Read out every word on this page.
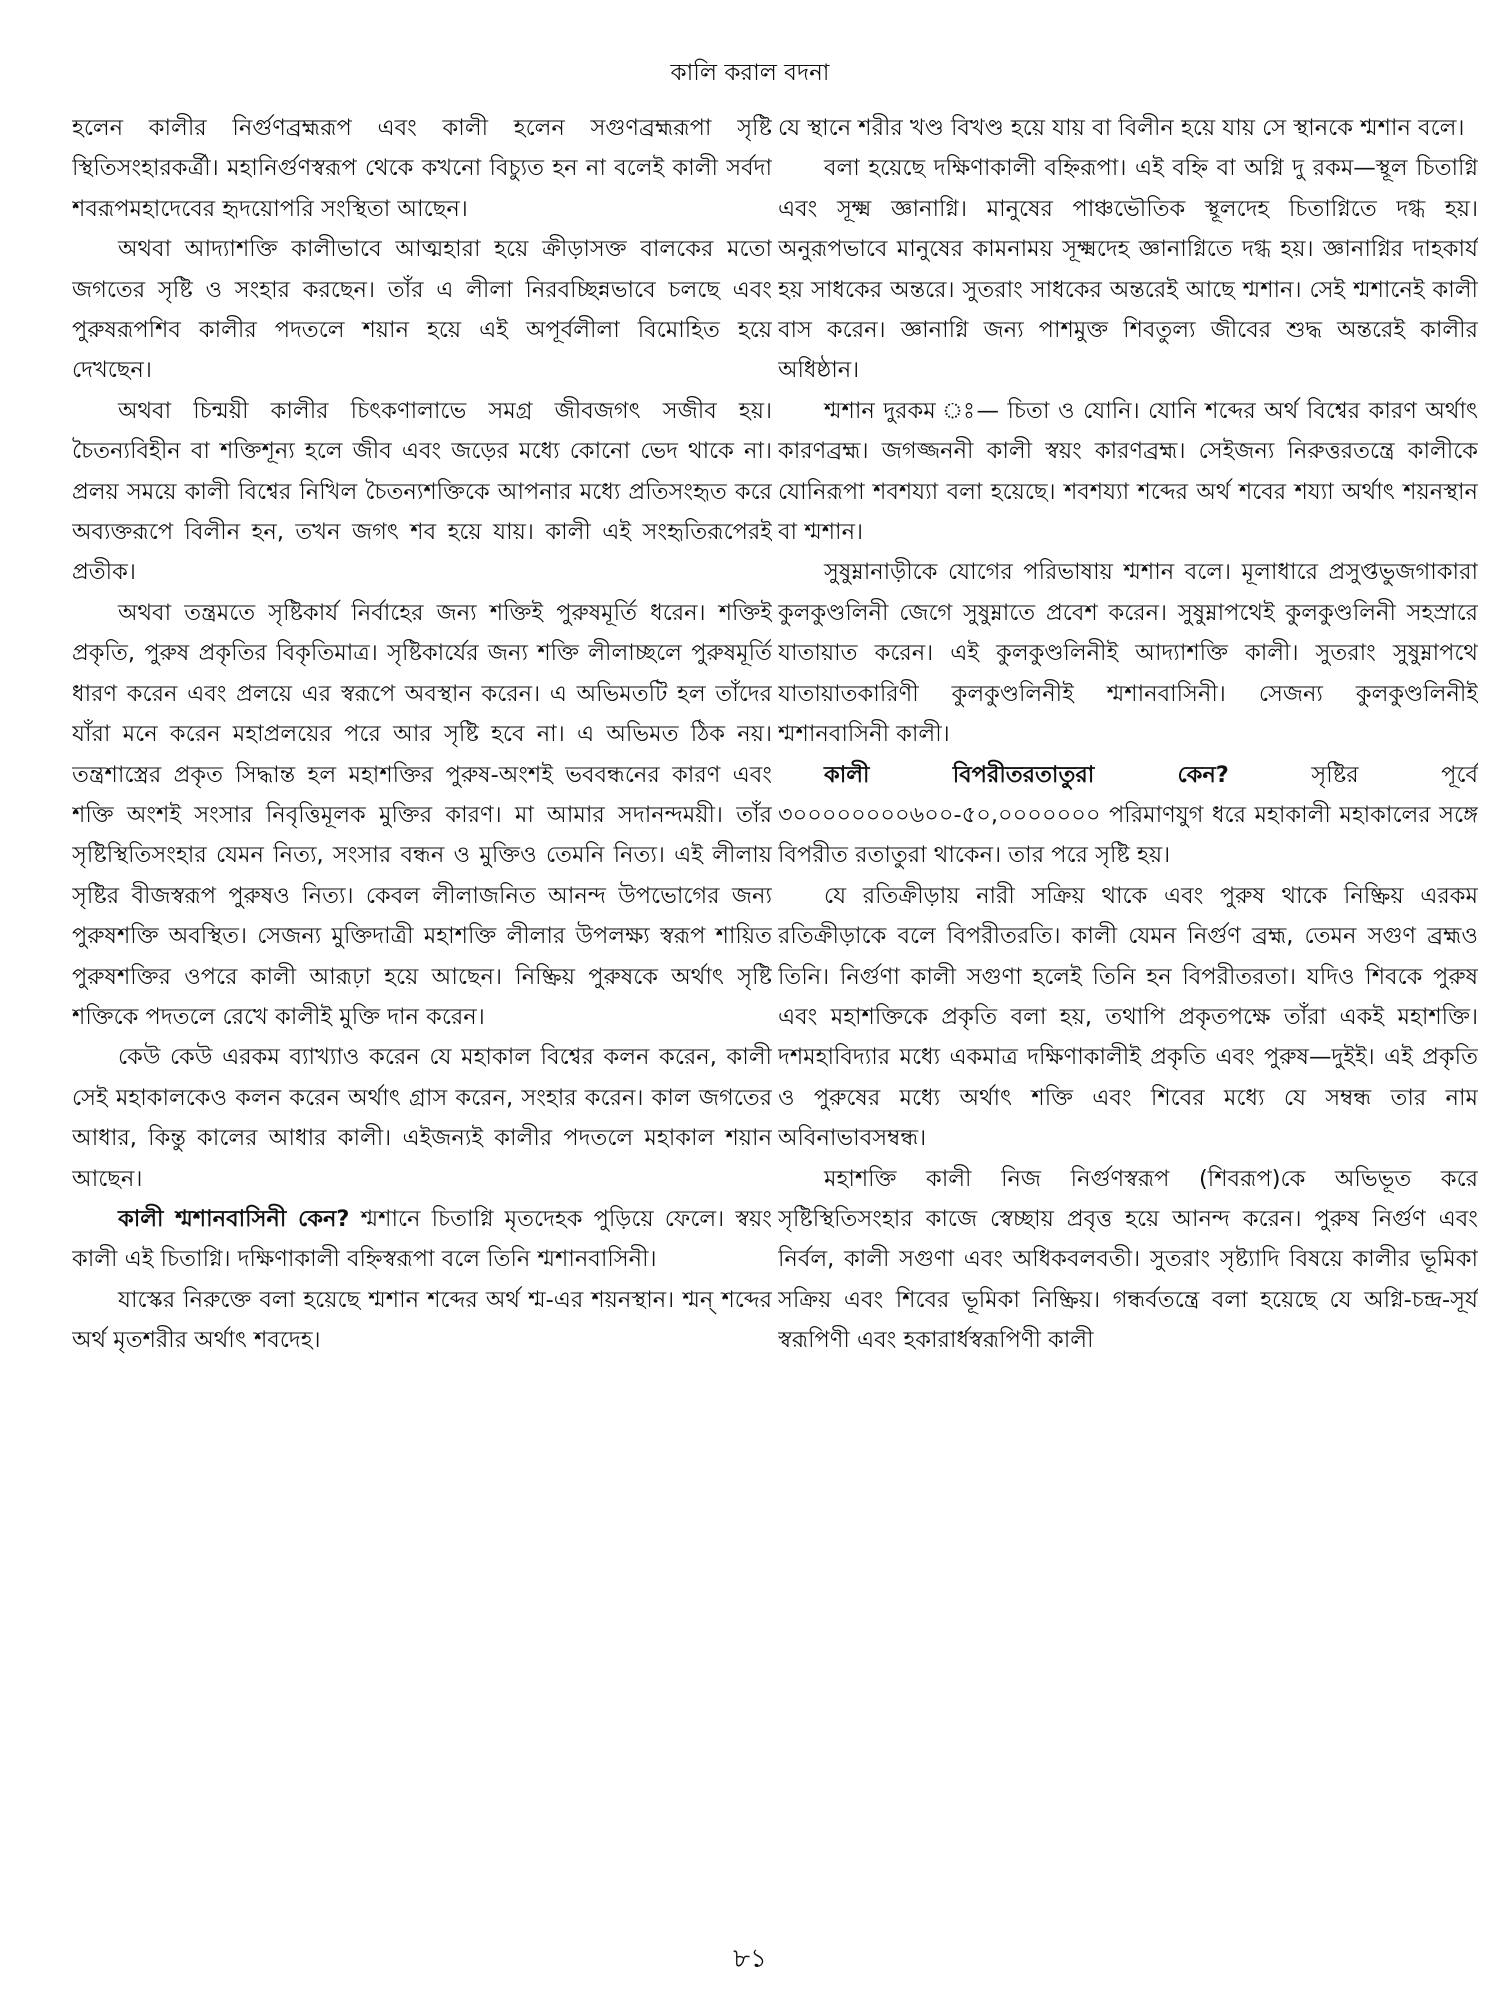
কালি করাল বদনা

হলেন কালীর নির্গুণব্রহ্মরূপ এবং কালী হলেন সগুণব্রহ্মরূপা সৃষ্টি স্থিতিসংহারকর্ত্রী। মহানির্গুণস্বরূপ থেকে কখনো বিচ্যুত হন না বলেই কালী সর্বদা শবরূপমহাদেবের হৃদয়োপরি সংস্থিতা আছেন।

অথবা আদ্যাশক্তি কালীভাবে আত্মহারা হয়ে ক্রীড়াসক্ত বালকের মতো জগতের সৃষ্টি ও সংহার করছেন। তাঁর এ লীলা নিরবচ্ছিন্নভাবে চলছে এবং পুরুষরূপশিব কালীর পদতলে শয়ান হয়ে এই অপূর্বলীলা বিমোহিত হয়ে দেখছেন।

অথবা চিন্ময়ী কালীর চিৎকণালাভে সমগ্র জীবজগৎ সজীব হয়। চৈতন্যবিহীন বা শক্তিশূন্য হলে জীব এবং জড়ের মধ্যে কোনো ভেদ থাকে না। প্রলয় সময়ে কালী বিশ্বের নিখিল চৈতন্যশক্তিকে আপনার মধ্যে প্রতিসংহৃত করে অব্যক্তরূপে বিলীন হন, তখন জগৎ শব হয়ে যায়। কালী এই সংহৃতিরূপেরই প্রতীক।

অথবা তন্ত্রমতে সৃষ্টিকার্য নির্বাহের জন্য শক্তিই পুরুষমূর্তি ধরেন। শক্তিই প্রকৃতি, পুরুষ প্রকৃতির বিকৃতিমাত্র। সৃষ্টিকার্যের জন্য শক্তি লীলাচ্ছলে পুরুষমূর্তি ধারণ করেন এবং প্রলয়ে এর স্বরূপে অবস্থান করেন। এ অভিমতটি হল তাঁদের যাঁরা মনে করেন মহাপ্রলয়ের পরে আর সৃষ্টি হবে না। এ অভিমত ঠিক নয়। তন্ত্রশাস্ত্রের প্রকৃত সিদ্ধান্ত হল মহাশক্তির পুরুষ-অংশই ভববন্ধনের কারণ এবং শক্তি অংশই সংসার নিবৃত্তিমূলক মুক্তির কারণ। মা আমার সদানন্দময়ী। তাঁর সৃষ্টিস্থিতিসংহার যেমন নিত্য, সংসার বন্ধন ও মুক্তিও তেমনি নিত্য। এই লীলায় সৃষ্টির বীজস্বরূপ পুরুষও নিত্য। কেবল লীলাজনিত আনন্দ উপভোগের জন্য পুরুষশক্তি অবস্থিত। সেজন্য মুক্তিদাত্রী মহাশক্তি লীলার উপলক্ষ্য স্বরূপ শায়িত পুরুষশক্তির ওপরে কালী আরূঢ়া হয়ে আছেন। নিষ্ক্রিয় পুরুষকে অর্থাৎ সৃষ্টি শক্তিকে পদতলে রেখে কালীই মুক্তি দান করেন।

কেউ কেউ এরকম ব্যাখ্যাও করেন যে মহাকাল বিশ্বের কলন করেন, কালী সেই মহাকালকেও কলন করেন অর্থাৎ গ্রাস করেন, সংহার করেন। কাল জগতের আধার, কিন্তু কালের আধার কালী। এইজন্যই কালীর পদতলে মহাকাল শয়ান আছেন।

কালী শ্মশানবাসিনী কেন? শ্মশানে চিতাগ্নি মৃতদেহক পুড়িয়ে ফেলে। স্বয়ং কালী এই চিতাগ্নি। দক্ষিণাকালী বহ্নিস্বরূপা বলে তিনি শ্মশানবাসিনী।

যাস্কের নিরুক্তে বলা হয়েছে শ্মশান শব্দের অর্থ শ্ম-এর শয়নস্থান। শ্মন্ শব্দের অর্থ মৃতশরীর অর্থাৎ শবদেহ।

যে স্থানে শরীর খণ্ড বিখণ্ড হয়ে যায় বা বিলীন হয়ে যায় সে স্থানকে শ্মশান বলে।

বলা হয়েছে দক্ষিণাকালী বহ্নিরূপা। এই বহ্নি বা অগ্নি দু রকম—স্থূল চিতাগ্নি এবং সূক্ষ্ম জ্ঞানাগ্নি। মানুষের পাঞ্চভৌতিক স্থূলদেহ চিতাগ্নিতে দগ্ধ হয়। অনুরূপভাবে মানুষের কামনাময় সূক্ষ্মদেহ জ্ঞানাগ্নিতে দগ্ধ হয়। জ্ঞানাগ্নির দাহকার্য হয় সাধকের অন্তরে। সুতরাং সাধকের অন্তরেই আছে শ্মশান। সেই শ্মশানেই কালী বাস করেন। জ্ঞানাগ্নি জন্য পাশমুক্ত শিবতুল্য জীবের শুদ্ধ অন্তরেই কালীর অধিষ্ঠান।

শ্মশান দুরকম ঃ— চিতা ও যোনি। যোনি শব্দের অর্থ বিশ্বের কারণ অর্থাৎ কারণব্রহ্ম। জগজ্জননী কালী স্বয়ং কারণব্রহ্ম। সেইজন্য নিরুত্তরতন্ত্রে কালীকে যোনিরূপা শবশয্যা বলা হয়েছে। শবশয্যা শব্দের অর্থ শবের শয্যা অর্থাৎ শয়নস্থান বা শ্মশান।

সুষুম্নানাড়ীকে যোগের পরিভাষায় শ্মশান বলে। মূলাধারে প্রসুপ্তভুজগাকারা কুলকুণ্ডলিনী জেগে সুষুম্নাতে প্রবেশ করেন। সুষুম্নাপথেই কুলকুণ্ডলিনী সহস্রারে যাতায়াত করেন। এই কুলকুণ্ডলিনীই আদ্যাশক্তি কালী। সুতরাং সুষুম্নাপথে যাতায়াতকারিণী কুলকুণ্ডলিনীই শ্মশানবাসিনী। সেজন্য কুলকুণ্ডলিনীই শ্মশানবাসিনী কালী।

কালী বিপরীতরতাতুরা কেন? সৃষ্টির পূর্বে ৩০০০০০০০০৬০০-৫০,০০০০০০০ পরিমাণযুগ ধরে মহাকালী মহাকালের সঙ্গে বিপরীত রতাতুরা থাকেন। তার পরে সৃষ্টি হয়।

যে রতিক্রীড়ায় নারী সক্রিয় থাকে এবং পুরুষ থাকে নিষ্ক্রিয় এরকম রতিক্রীড়াকে বলে বিপরীতরতি। কালী যেমন নির্গুণ ব্রহ্ম, তেমন সগুণ ব্রহ্মও তিনি। নির্গুণা কালী সগুণা হলেই তিনি হন বিপরীতরতা। যদিও শিবকে পুরুষ এবং মহাশক্তিকে প্রকৃতি বলা হয়, তথাপি প্রকৃতপক্ষে তাঁরা একই মহাশক্তি। দশমহাবিদ্যার মধ্যে একমাত্র দক্ষিণাকালীই প্রকৃতি এবং পুরুষ—দুইই। এই প্রকৃতি ও পুরুষের মধ্যে অর্থাৎ শক্তি এবং শিবের মধ্যে যে সম্বন্ধ তার নাম অবিনাভাবসম্বন্ধ।

মহাশক্তি কালী নিজ নির্গুণস্বরূপ (শিবরূপ)কে অভিভূত করে সৃষ্টিস্থিতিসংহার কাজে স্বেচ্ছায় প্রবৃত্ত হয়ে আনন্দ করেন। পুরুষ নির্গুণ এবং নির্বল, কালী সগুণা এবং অধিকবলবতী। সুতরাং সৃষ্ট্যাদি বিষয়ে কালীর ভূমিকা সক্রিয় এবং শিবের ভূমিকা নিষ্ক্রিয়। গন্ধর্বতন্ত্রে বলা হয়েছে যে অগ্নি-চন্দ্র-সূর্য স্বরূপিণী এবং হকারার্ধস্বরূপিণী কালী

৮১
